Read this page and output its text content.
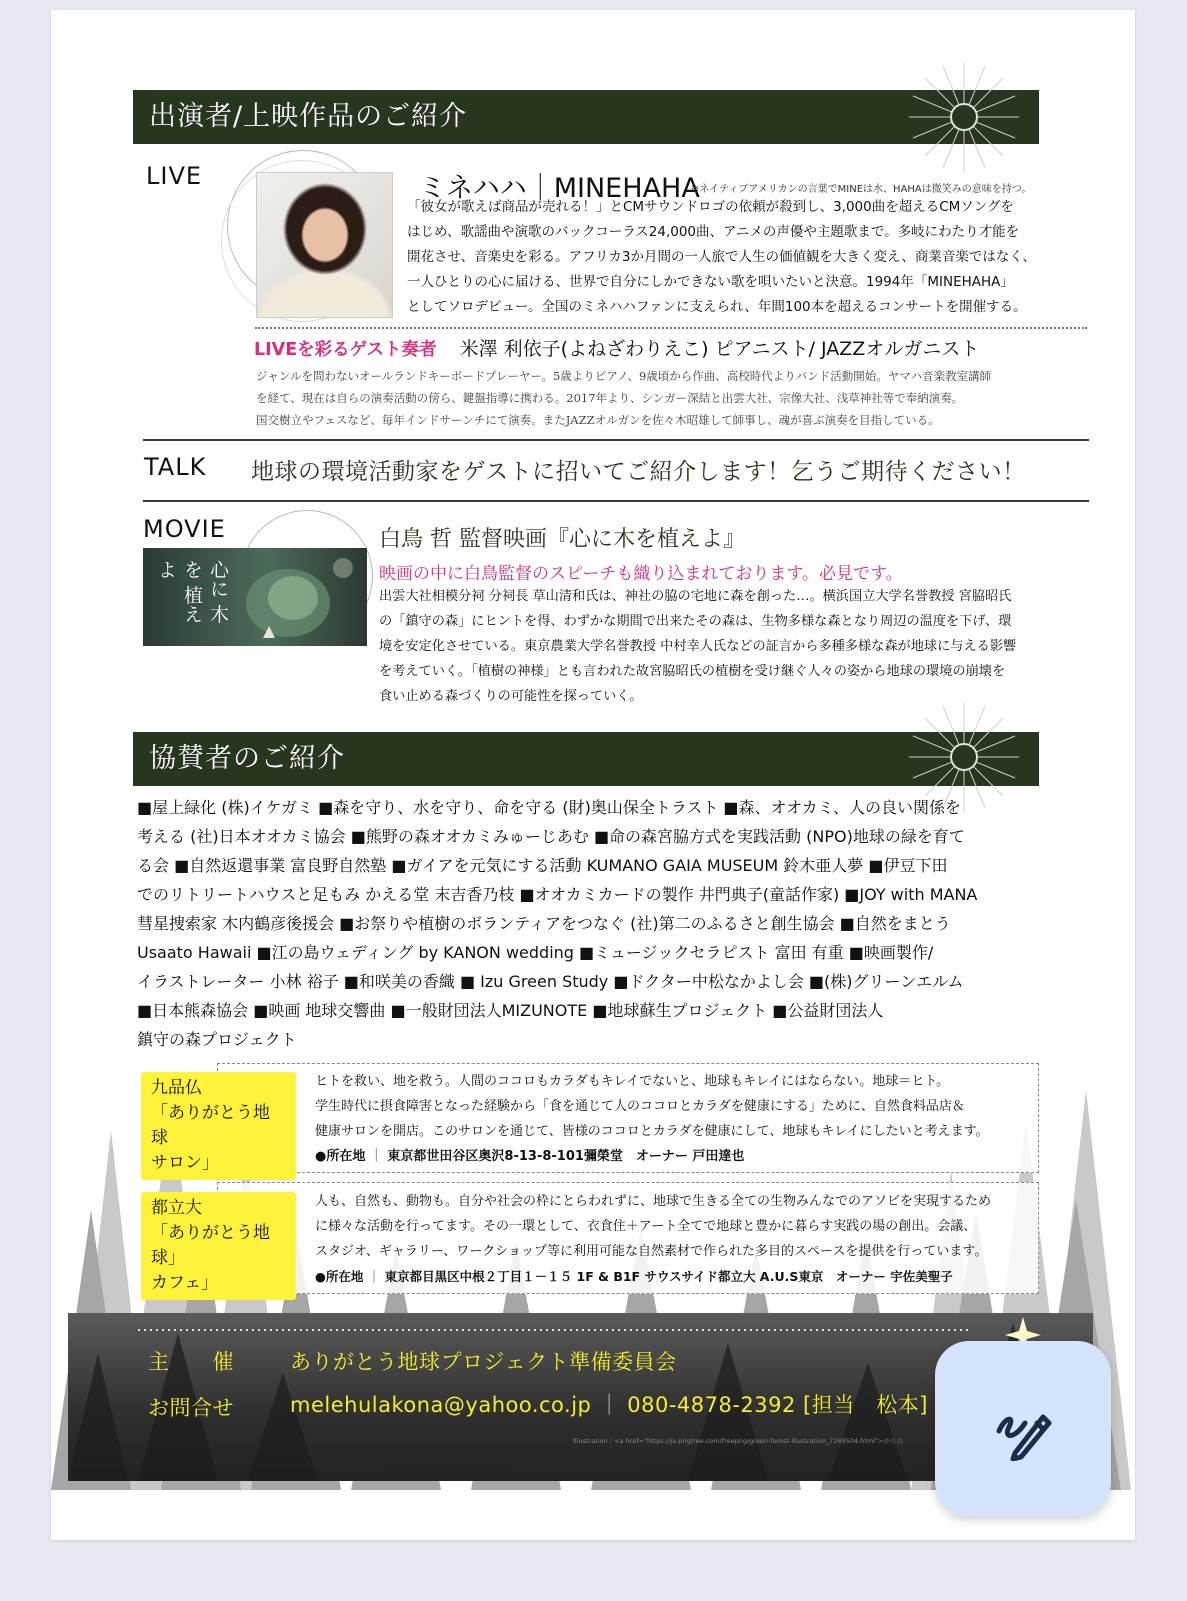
出演者/上映作品のご紹介
LIVE	ミネハハ｜MINEHAHA
※ネイティブアメリカンの言葉でMINEは水、HAHAは微笑みの意味を持つ。
「彼女が歌えば商品が売れる！」とCMサウンドロゴの依頼が殺到し、3,000曲を超えるCMソングを
はじめ、歌謡曲や演歌のバックコーラス24,000曲、アニメの声優や主題歌まで。多岐にわたり才能を
開花させ、音楽史を彩る。アフリカ3か月間の一人旅で人生の価値観を大きく変え、商業音楽ではなく、
一人ひとりの心に届ける、世界で自分にしかできない歌を唄いたいと決意。1994年「MINEHAHA」
としてソロデビュー。全国のミネハハファンに支えられ、年間100本を超えるコンサートを開催する。
LIVEを彩るゲスト奏者 米澤 利依子(よねざわりえこ) ピアニスト/ JAZZオルガニスト
ジャンルを問わないオールランドキーボードプレーヤー。5歳よりピアノ、9歳頃から作曲、高校時代よりバンド活動開始。ヤマハ音楽教室講師
を経て、現在は自らの演奏活動の傍ら、鍵盤指導に携わる。2017年より、シンガー深結と出雲大社、宗像大社、浅草神社等で奉納演奏。
国交樹立やフェスなど、毎年インドサーンチにて演奏。またJAZZオルガンを佐々木昭雄して師事し、魂が喜ぶ演奏を目指している。
TALK 地球の環境活動家をゲストに招いてご紹介します！乞うご期待ください！
MOVIE
心に 木を 植えよ
白鳥 哲 監督映画『心に木を植えよ』
映画の中に白鳥監督のスピーチも織り込まれております。必見です。
出雲大社相模分祠 分祠長 草山清和氏は、神社の脇の宅地に森を創った…。横浜国立大学名誉教授 宮脇昭氏
の「鎮守の森」にヒントを得、わずかな期間で出来たその森は、生物多様な森となり周辺の温度を下げ、環
境を安定化させている。東京農業大学名誉教授 中村幸人氏などの証言から多種多様な森が地球に与える影響
を考えていく。「植樹の神様」とも言われた故宮脇昭氏の植樹を受け継ぐ人々の姿から地球の環境の崩壊を
食い止める森づくりの可能性を探っていく。
協賛者のご紹介
■屋上緑化 (株)イケガミ ■森を守り、水を守り、命を守る (財)奥山保全トラスト ■森、オオカミ、人の良い関係を
考える (社)日本オオカミ協会 ■熊野の森オオカミみゅーじあむ ■命の森宮脇方式を実践活動 (NPO)地球の緑を育て
る会 ■自然返還事業 富良野自然塾 ■ガイアを元気にする活動 KUMANO GAIA MUSEUM 鈴木亜人夢 ■伊豆下田
でのリトリートハウスと足もみ かえる堂 末吉香乃枝 ■オオカミカードの製作 井門典子(童話作家) ■JOY with MANA
彗星捜索家 木内鶴彦後援会 ■お祭りや植樹のボランティアをつなぐ (社)第二のふるさと創生協会 ■自然をまとう
Usaato Hawaii ■江の島ウェディング by KANON wedding ■ミュージックセラピスト 富田 有重 ■映画製作/
イラストレーター 小林 裕子 ■和咲美の香織 ■ Izu Green Study ■ドクター中松なかよし会 ■(株)グリーンエルム
■日本熊森協会 ■映画 地球交響曲 ■一般財団法人MIZUNOTE ■地球蘇生プロジェクト ■公益財団法人
鎮守の森プロジェクト
九品仏
「ありがとう地球
サロン」
ヒトを救い、地を救う。人間のココロもカラダもキレイでないと、地球もキレイにはならない。地球＝ヒト。
学生時代に摂食障害となった経験から「食を通じて人のココロとカラダを健康にする」ために、自然食料品店＆
健康サロンを開店。このサロンを通じて、皆様のココロとカラダを健康にして、地球もキレイにしたいと考えます。
●所在地 ｜ 東京都世田谷区奥沢8-13-8-101彌榮堂　オーナー 戸田達也
都立大
「ありがとう地球」
カフェ」
人も、自然も、動物も。自分や社会の枠にとらわれずに、地球で生きる全ての生物みんなでのアソビを実現するため
に様々な活動を行ってます。その一環として、衣食住＋アート全てで地球と豊かに暮らす実践の場の創出。会議、
スタジオ、ギャラリー、ワークショップ等に利用可能な自然素材で作られた多目的スペースを提供を行っています。
●所在地 ｜ 東京都目黒区中根２丁目１－１５ 1F & B1F サウスサイド都立大 A.U.S東京　オーナー 宇佐美聖子
主　　催	ありがとう地球プロジェクト準備委員会
お問合せ	melehulakona@yahoo.co.jp ｜ 080-4878-2392 [担当　松本]
Illustration｜<a href="https://ja.pngtree.com/freepng/green-forest-illustration_7269504.html">からの
